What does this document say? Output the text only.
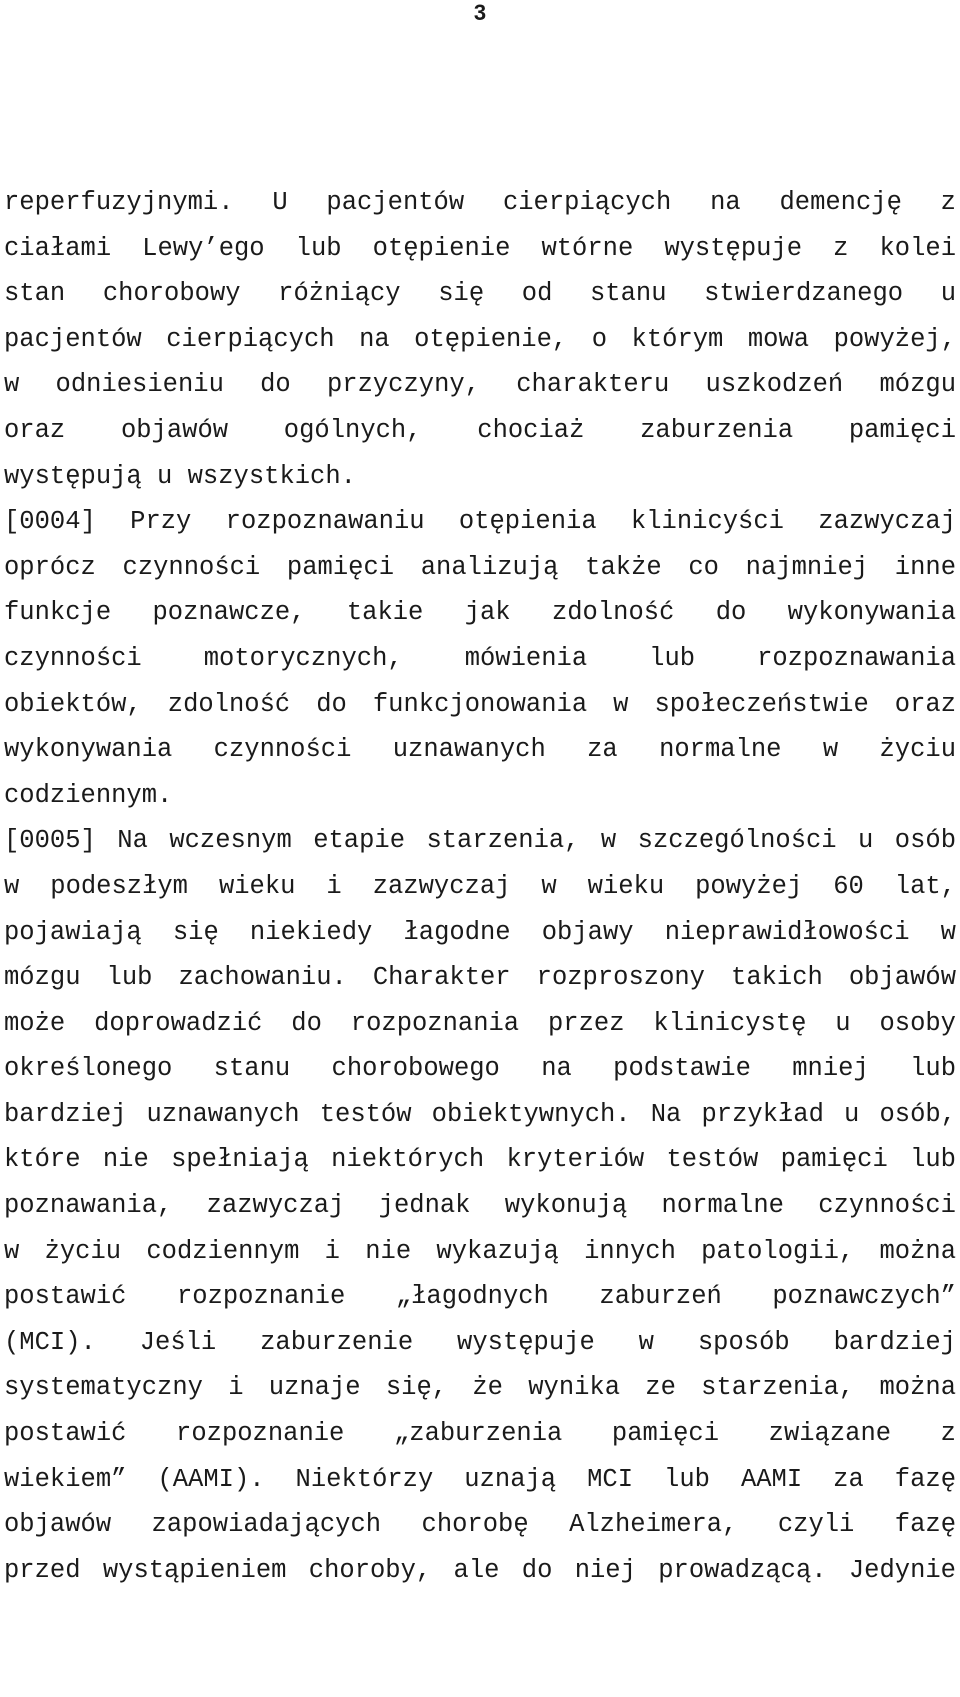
3
reperfuzyjnymi. U pacjentów cierpiących na demencję z
ciałami Lewy’ego lub otępienie wtórne występuje z kolei
stan chorobowy różniący się od stanu stwierdzanego u
pacjentów cierpiących na otępienie, o którym mowa powyżej,
w odniesieniu do przyczyny, charakteru uszkodzeń mózgu
oraz objawów ogólnych, chociaż zaburzenia pamięci
występują u wszystkich.
[0004] Przy rozpoznawaniu otępienia klinicyści zazwyczaj
oprócz czynności pamięci analizują także co najmniej inne
funkcje poznawcze, takie jak zdolność do wykonywania
czynności motorycznych, mówienia lub rozpoznawania
obiektów, zdolność do funkcjonowania w społeczeństwie oraz
wykonywania czynności uznawanych za normalne w życiu
codziennym.
[0005] Na wczesnym etapie starzenia, w szczególności u osób
w podeszłym wieku i zazwyczaj w wieku powyżej 60 lat,
pojawiają się niekiedy łagodne objawy nieprawidłowości w
mózgu lub zachowaniu. Charakter rozproszony takich objawów
może doprowadzić do rozpoznania przez klinicystę u osoby
określonego stanu chorobowego na podstawie mniej lub
bardziej uznawanych testów obiektywnych. Na przykład u osób,
które nie spełniają niektórych kryteriów testów pamięci lub
poznawania, zazwyczaj jednak wykonują normalne czynności
w życiu codziennym i nie wykazują innych patologii, można
postawić rozpoznanie „łagodnych zaburzeń poznawczych”
(MCI). Jeśli zaburzenie występuje w sposób bardziej
systematyczny i uznaje się, że wynika ze starzenia, można
postawić rozpoznanie „zaburzenia pamięci związane z
wiekiem” (AAMI). Niektórzy uznają MCI lub AAMI za fazę
objawów zapowiadających chorobę Alzheimera, czyli fazę
przed wystąpieniem choroby, ale do niej prowadzącą. Jedynie
